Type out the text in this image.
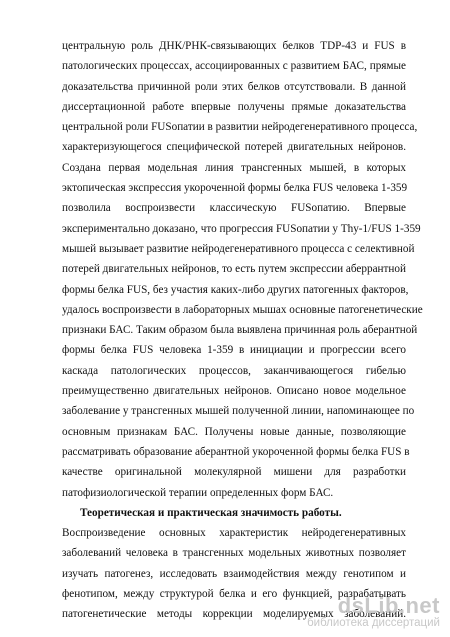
центральную роль ДНК/РНК-связывающих белков TDP-43 и FUS в
патологических процессах, ассоциированных с развитием БАС, прямые
доказательства причинной роли этих белков отсутствовали. В данной
диссертационной работе впервые получены прямые доказательства
центральной роли FUSопатии в развитии нейродегенеративного процесса,
характеризующегося специфической потерей двигательных нейронов.
Создана первая модельная линия трансгенных мышей, в которых
эктопическая экспрессия укороченной формы белка FUS человека 1-359
позволила воспроизвести классическую FUSопатию. Впервые
экспериментально доказано, что прогрессия FUSопатии у Thy-1/FUS 1-359
мышей вызывает развитие нейродегенеративного процесса с селективной
потерей двигательных нейронов, то есть путем экспрессии аберрантной
формы белка FUS, без участия каких-либо других патогенных факторов,
удалось воспроизвести в лабораторных мышах основные патогенетические
признаки БАС. Таким образом была выявлена причинная роль аберантной
формы белка FUS человека 1-359 в инициации и прогрессии всего
каскада патологических процессов, заканчивающегося гибелью
преимущественно двигательных нейронов. Описано новое модельное
заболевание у трансгенных мышей полученной линии, напоминающее по
основным признакам БАС. Получены новые данные, позволяющие
рассматривать образование аберантной укороченной формы белка FUS в
качестве оригинальной молекулярной мишени для разработки
патофизиологической терапии определенных форм БАС.
Теоретическая и практическая значимость работы.
Воспроизведение основных характеристик нейродегенеративных
заболеваний человека в трансгенных модельных животных позволяет
изучать патогенез, исследовать взаимодействия между генотипом и
фенотипом, между структурой белка и его функцией, разрабатывать
патогенетические методы коррекции моделируемых заболеваний.
dsLib.net
библиотека диссертаций
